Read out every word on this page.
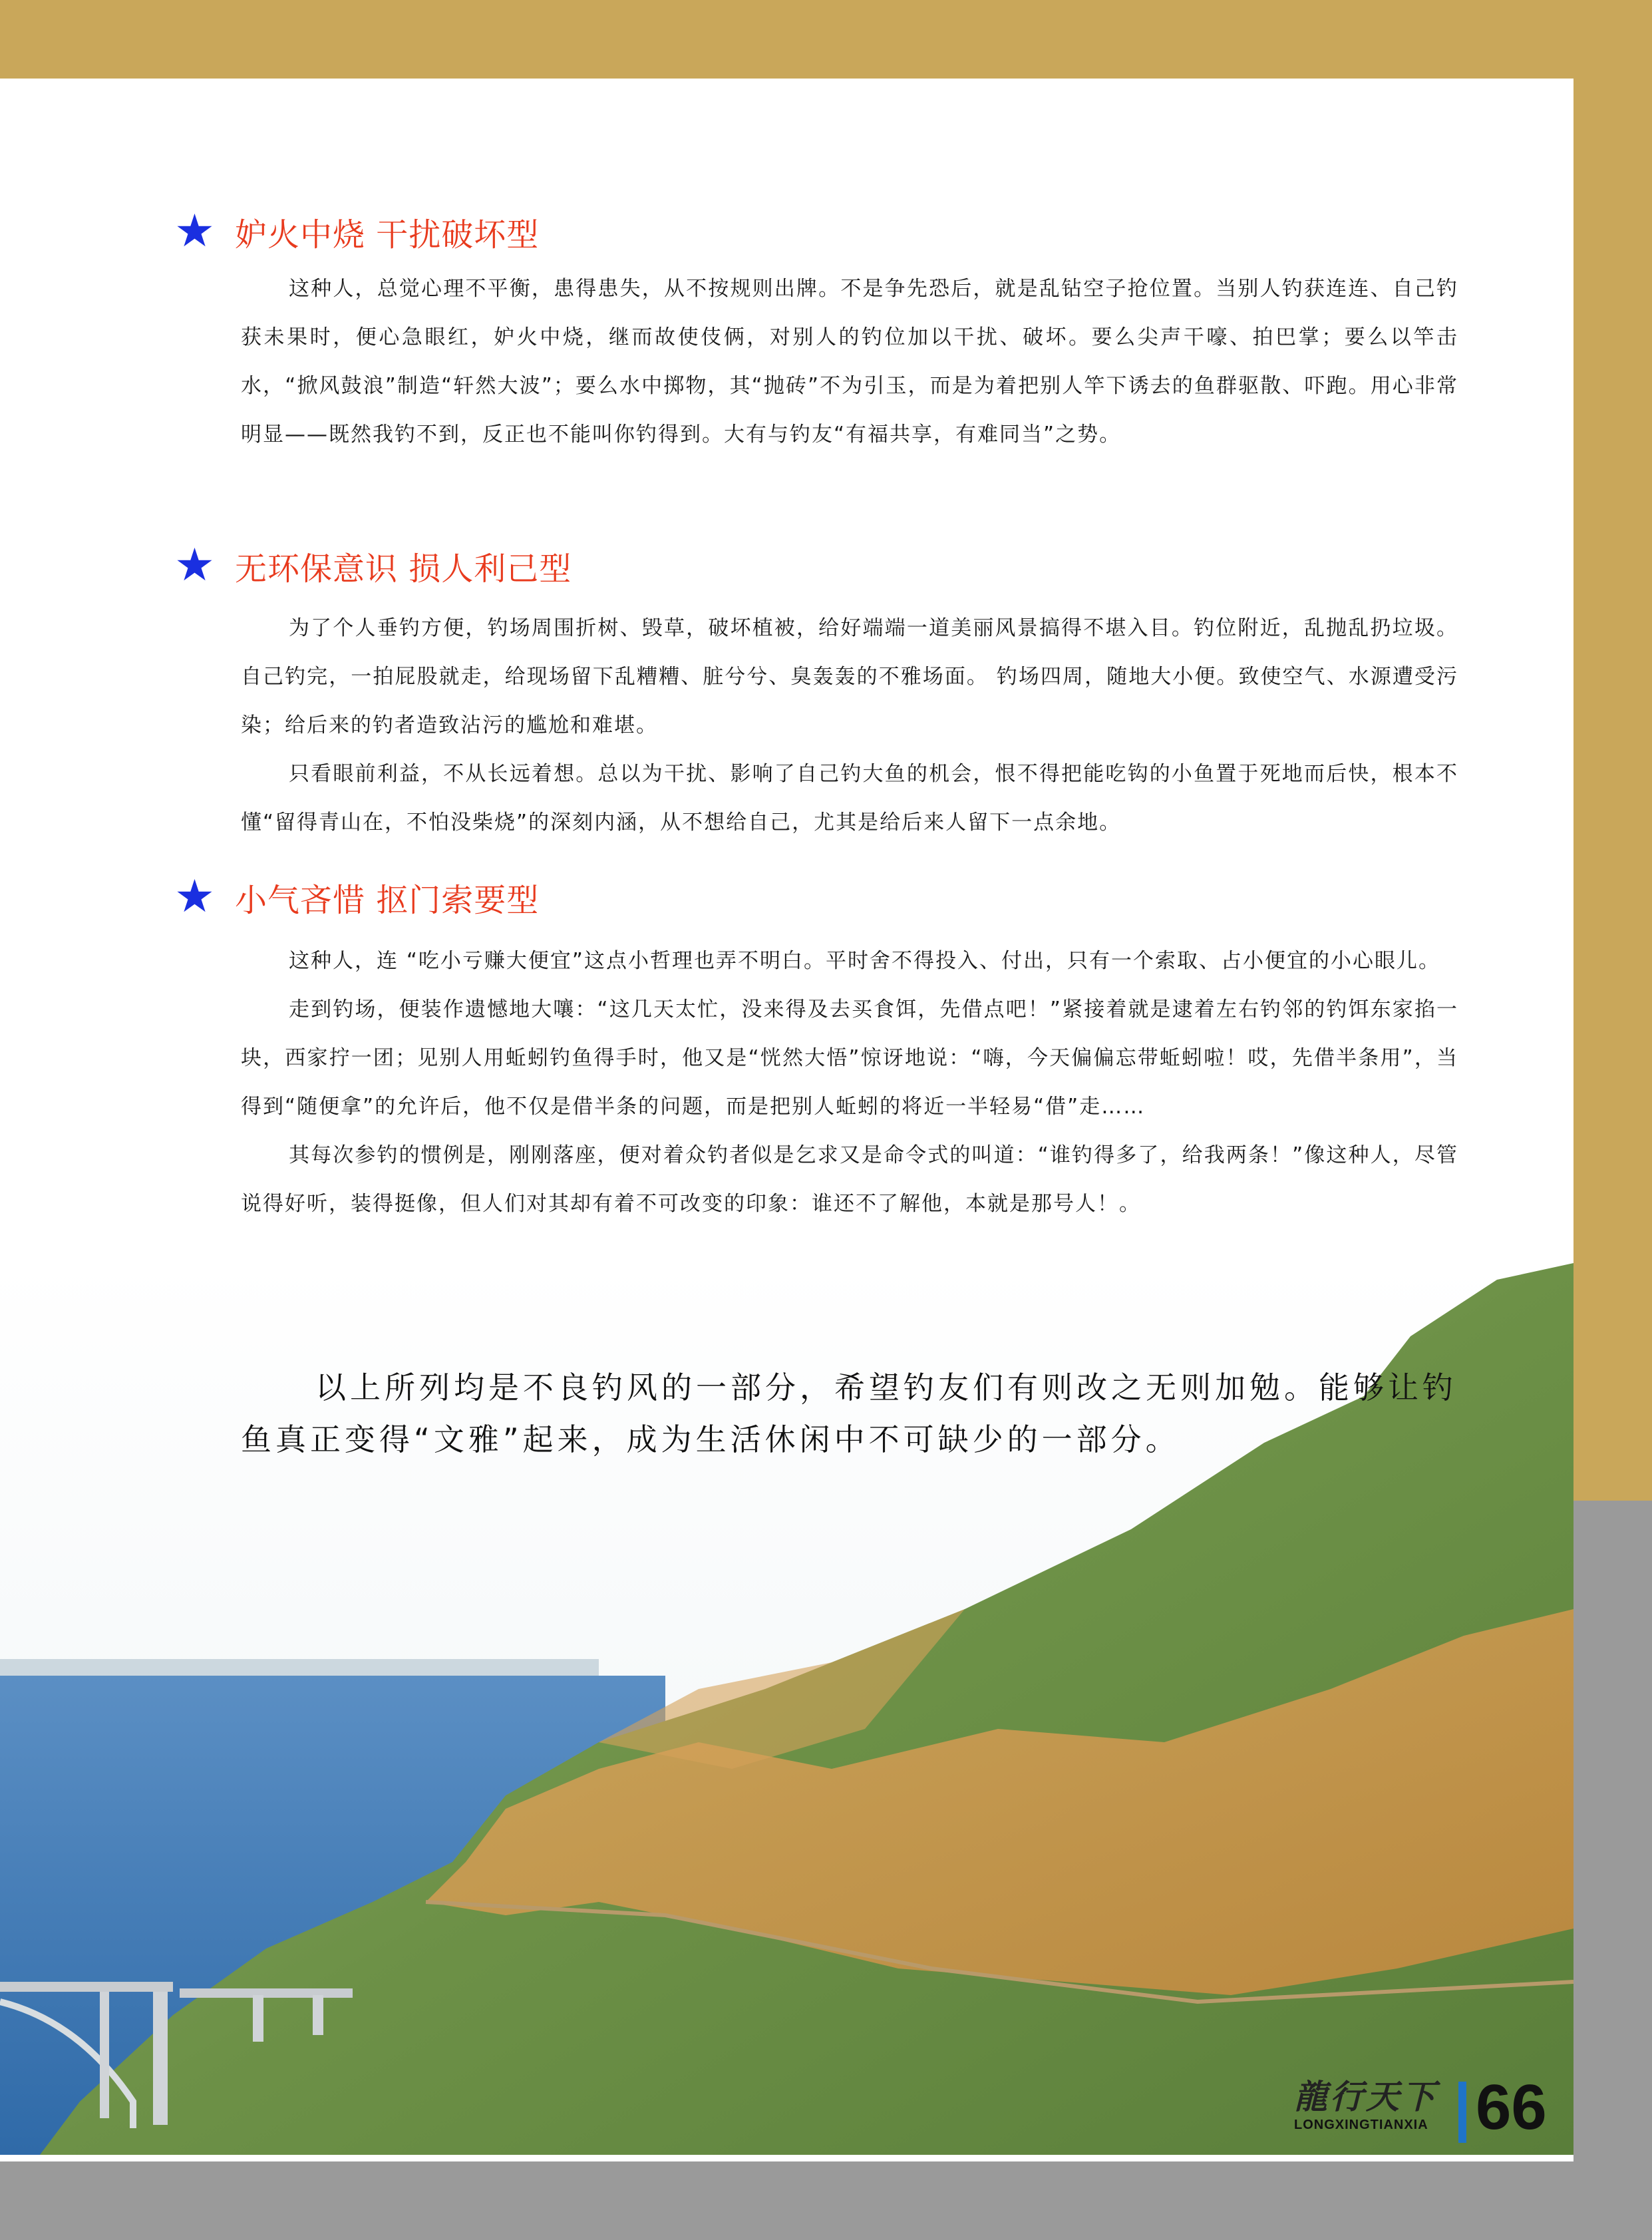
★ 妒火中烧 干扰破坏型

这种人，总觉心理不平衡，患得患失，从不按规则出牌。不是争先恐后，就是乱钻空子抢位置。当别人钓获连连、自己钓获未果时，便心急眼红，妒火中烧，继而故使伎俩，对别人的钓位加以干扰、破坏。要么尖声干嚎、拍巴掌；要么以竿击水，“掀风鼓浪”制造“轩然大波”；要么水中掷物，其“抛砖”不为引玉，而是为着把别人竿下诱去的鱼群驱散、吓跑。用心非常明显——既然我钓不到，反正也不能叫你钓得到。大有与钓友“有福共享，有难同当”之势。

★ 无环保意识 损人利己型

为了个人垂钓方便，钓场周围折树、毁草，破坏植被，给好端端一道美丽风景搞得不堪入目。钓位附近，乱抛乱扔垃圾。自己钓完，一拍屁股就走，给现场留下乱糟糟、脏兮兮、臭轰轰的不雅场面。 钓场四周，随地大小便。致使空气、水源遭受污染；给后来的钓者造致沾污的尴尬和难堪。

只看眼前利益，不从长远着想。总以为干扰、影响了自己钓大鱼的机会，恨不得把能吃钩的小鱼置于死地而后快，根本不懂“留得青山在，不怕没柴烧”的深刻内涵，从不想给自己，尤其是给后来人留下一点余地。

★ 小气吝惜 抠门索要型

这种人，连 “吃小亏赚大便宜”这点小哲理也弄不明白。平时舍不得投入、付出，只有一个索取、占小便宜的小心眼儿。

走到钓场，便装作遗憾地大嚷：“这几天太忙，没来得及去买食饵，先借点吧！”紧接着就是逮着左右钓邻的钓饵东家掐一块，西家拧一团；见别人用蚯蚓钓鱼得手时，他又是“恍然大悟”惊讶地说：“嗨，今天偏偏忘带蚯蚓啦！哎，先借半条用”，当得到“随便拿”的允许后，他不仅是借半条的问题，而是把别人蚯蚓的将近一半轻易“借”走……

其每次参钓的惯例是，刚刚落座，便对着众钓者似是乞求又是命令式的叫道：“谁钓得多了，给我两条！”像这种人，尽管说得好听，装得挺像，但人们对其却有着不可改变的印象：谁还不了解他，本就是那号人！。

以上所列均是不良钓风的一部分，希望钓友们有则改之无则加勉。能够让钓鱼真正变得“文雅”起来，成为生活休闲中不可缺少的一部分。

龍行天下
LONGXINGTIANXIA 66
